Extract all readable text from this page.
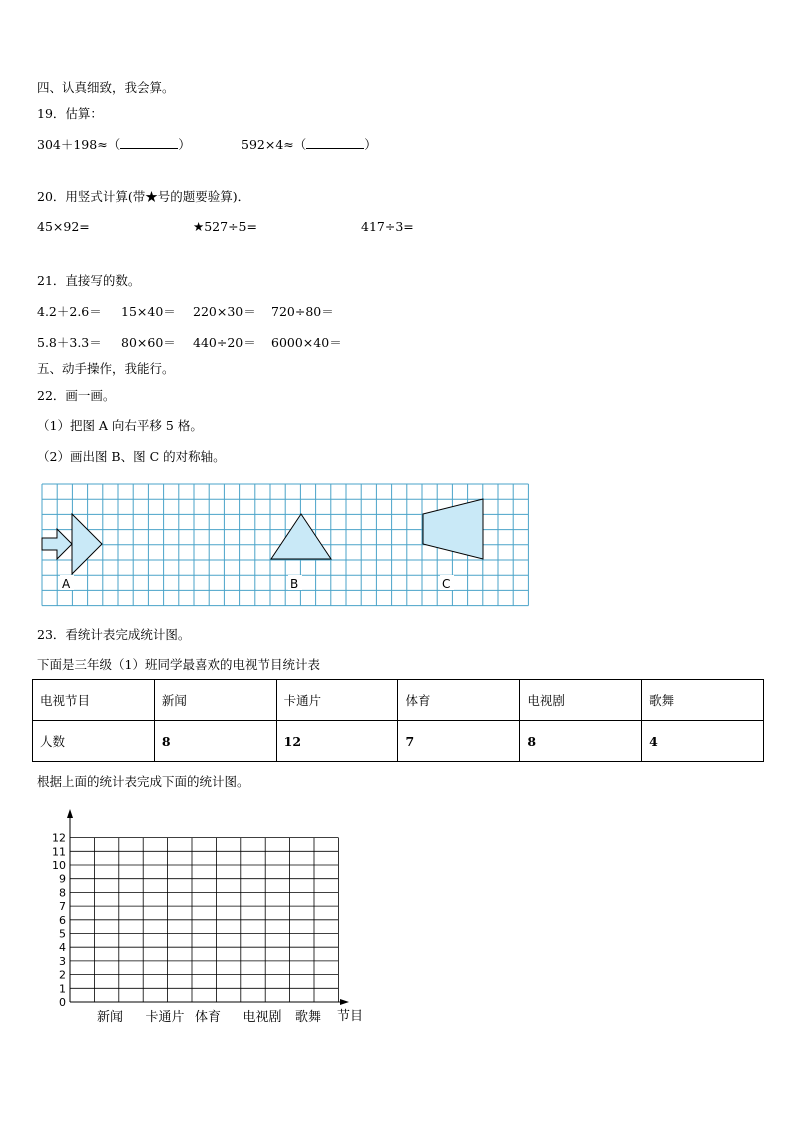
四、认真细致，我会算。
19．估算：
304＋198≈（	）	592×4≈（	）
20．用竖式计算(带★号的题要验算)．
45×92=	★527÷5=	417÷3=
21．直接写的数。
4.2＋2.6＝ 15×40＝ 220×30＝ 720÷80＝
5.8＋3.3＝ 80×60＝ 440÷20＝ 6000×40＝
五、动手操作，我能行。
22．画一画。
（1）把图 A 向右平移 5 格。
（2）画出图 B、图 C 的对称轴。
A	B	C
23．看统计表完成统计图。
下面是三年级（1）班同学最喜欢的电视节目统计表
电视节目	新闻	卡通片	体育	电视剧	歌舞
人数	8	12	7	8	4
根据上面的统计表完成下面的统计图。
0
1
2
3
4
5
6
7
8
9
10
11
12
新闻 卡通片 体育 电视剧 歌舞 节目
